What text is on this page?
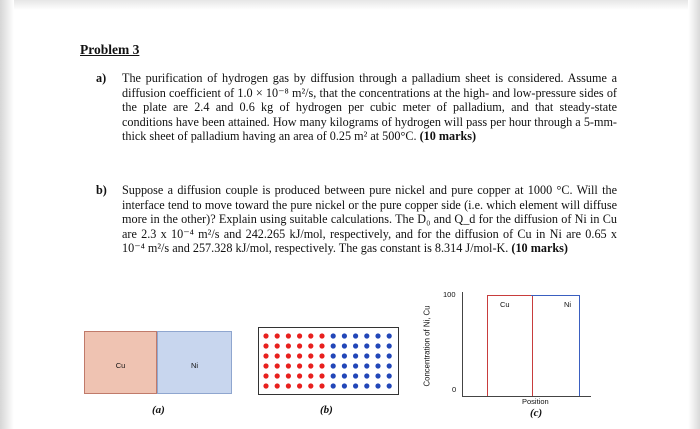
Problem 3
a) The purification of hydrogen gas by diffusion through a palladium sheet is considered. Assume a diffusion coefficient of 1.0 × 10⁻⁸ m²/s, that the concentrations at the high- and low-pressure sides of the plate are 2.4 and 0.6 kg of hydrogen per cubic meter of palladium, and that steady-state conditions have been attained. How many kilograms of hydrogen will pass per hour through a 5-mm-thick sheet of palladium having an area of 0.25 m² at 500°C. (10 marks)
b) Suppose a diffusion couple is produced between pure nickel and pure copper at 1000 °C. Will the interface tend to move toward the pure nickel or the pure copper side (i.e. which element will diffuse more in the other)? Explain using suitable calculations. The D₀ and Q_d for the diffusion of Ni in Cu are 2.3 x 10⁻⁴ m²/s and 242.265 kJ/mol, respectively, and for the diffusion of Cu in Ni are 0.65 x 10⁻⁴ m²/s and 257.328 kJ/mol, respectively. The gas constant is 8.314 J/mol-K. (10 marks)
Cu	Ni
(a)	(b)
Concentration of Ni, Cu
100
0
Cu	Ni
Position
(c)
